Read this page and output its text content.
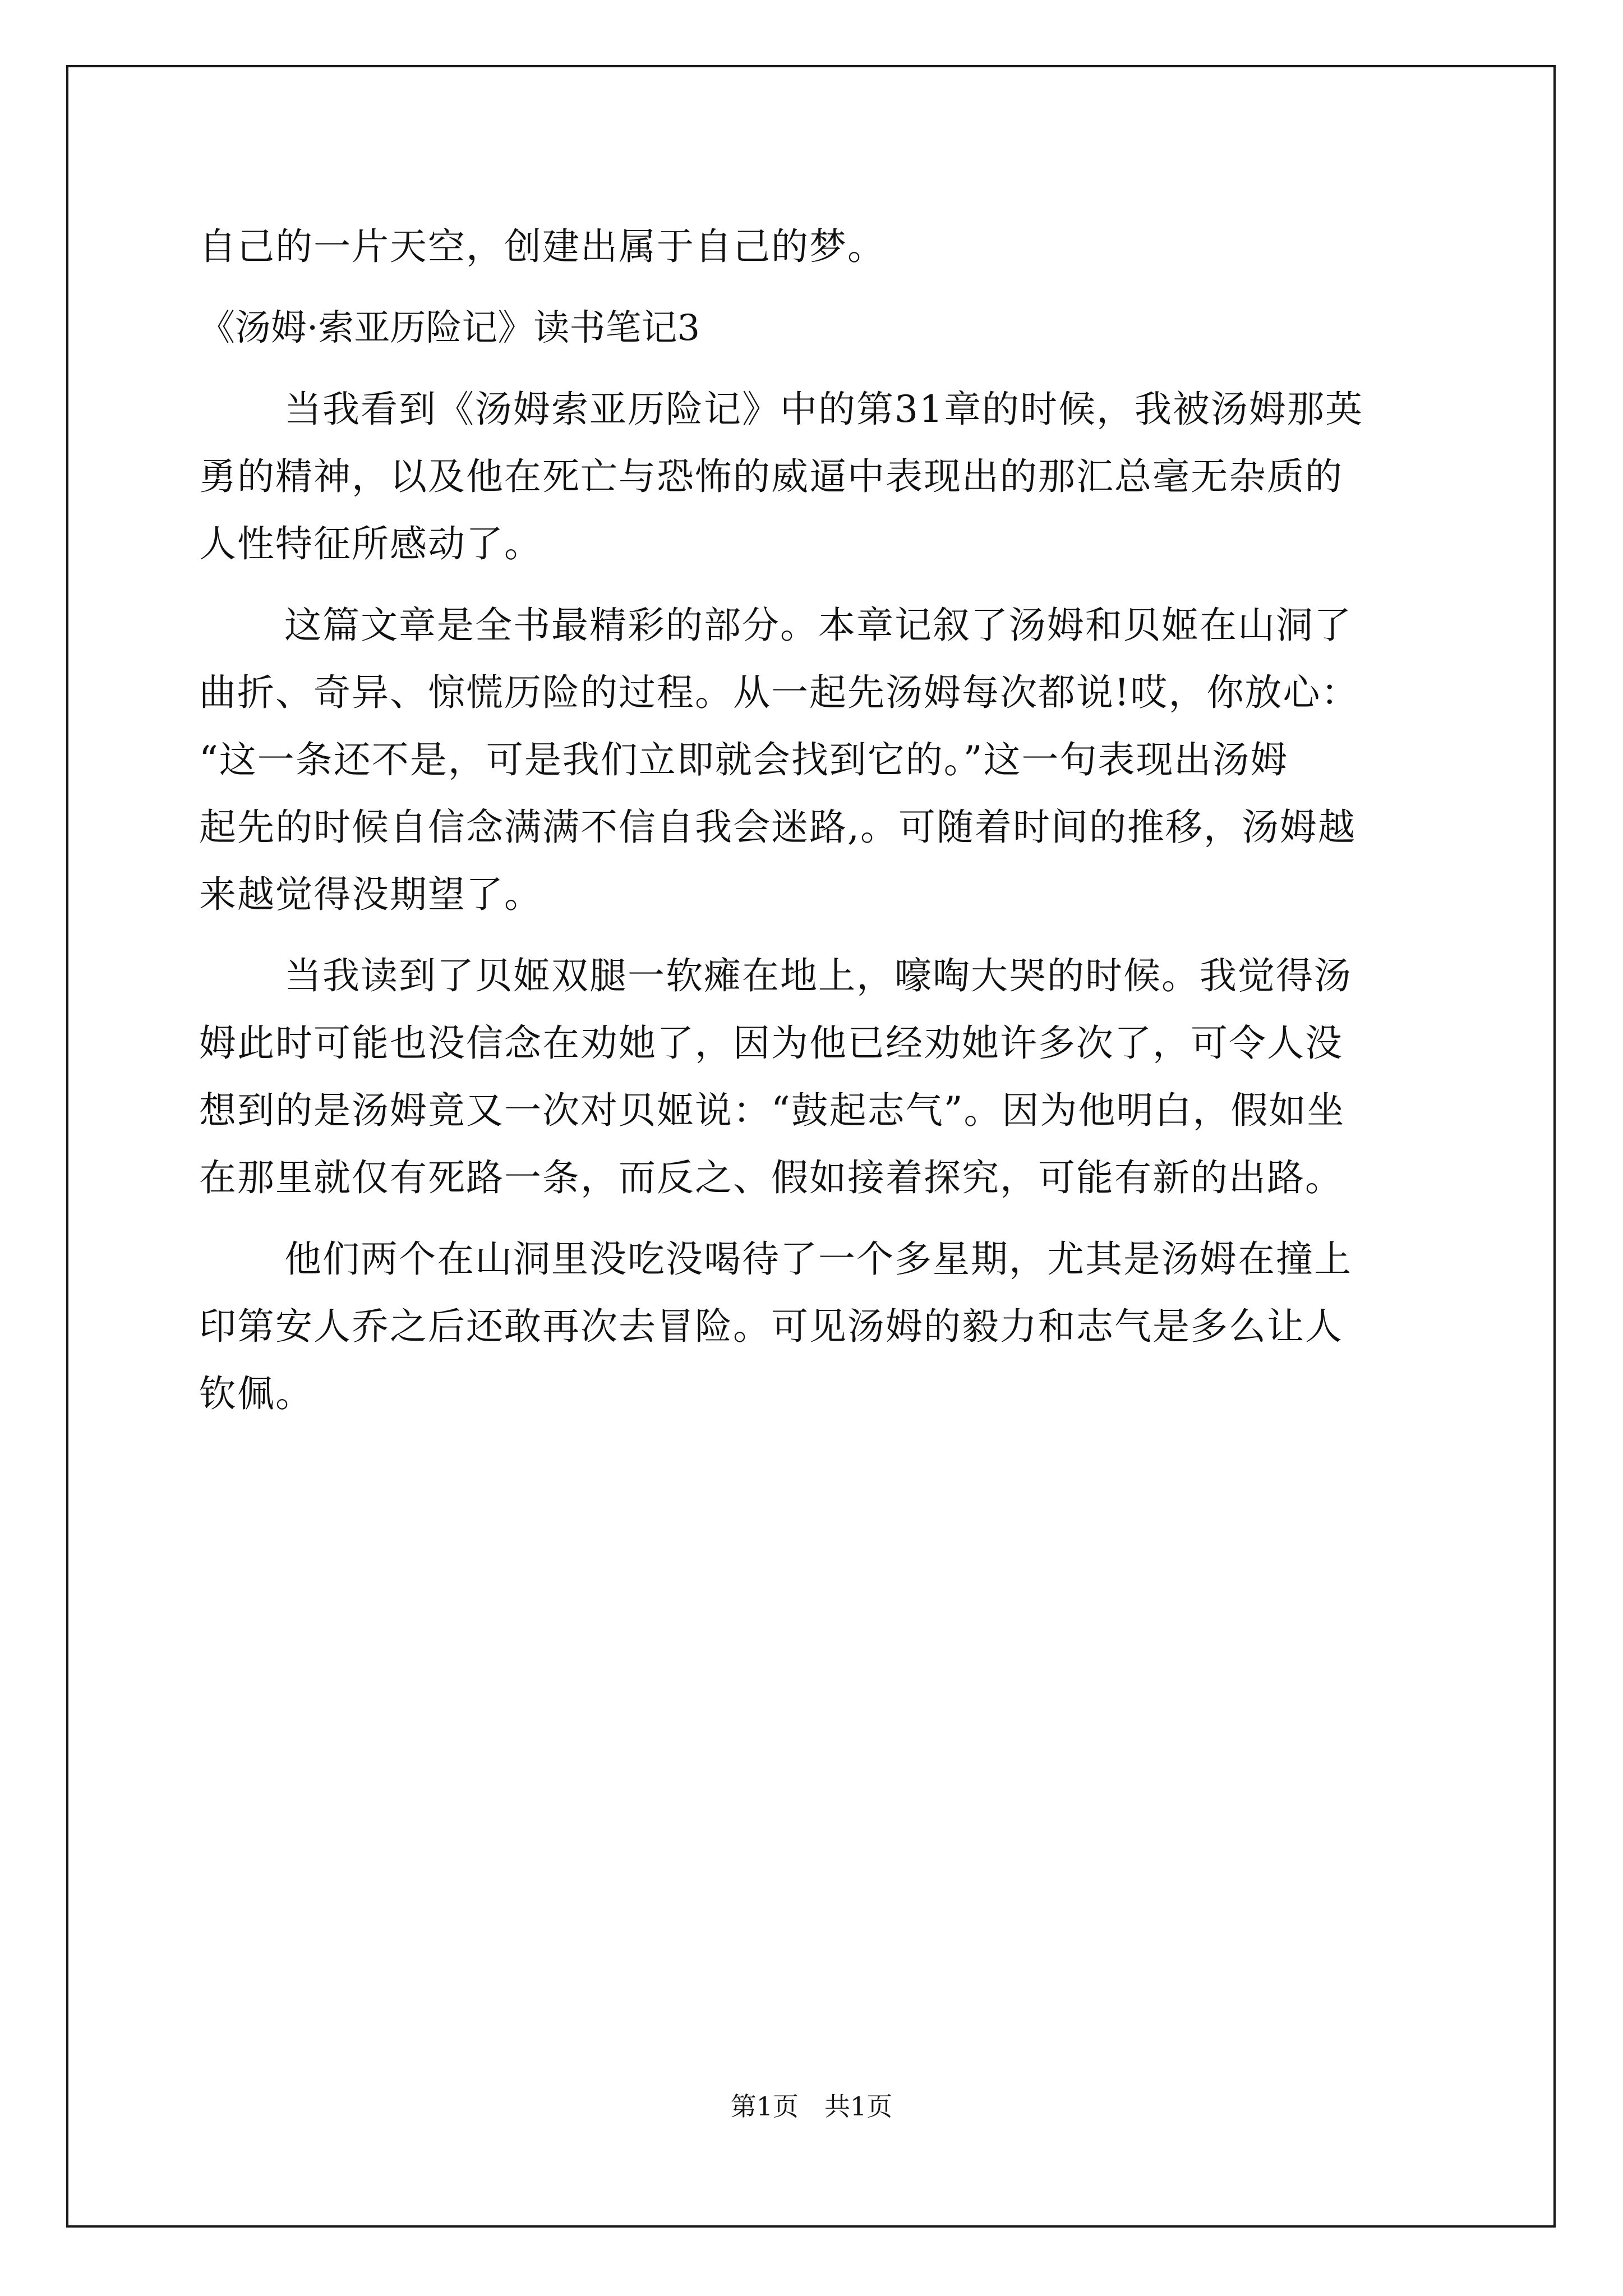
自己的一片天空，创建出属于自己的梦。

《汤姆·索亚历险记》读书笔记3

当我看到《汤姆索亚历险记》中的第31章的时候，我被汤姆那英

勇的精神，以及他在死亡与恐怖的威逼中表现出的那汇总毫无杂质的

人性特征所感动了。

这篇文章是全书最精彩的部分。本章记叙了汤姆和贝姬在山洞了

曲折、奇异、惊慌历险的过程。从一起先汤姆每次都说!哎，你放心：

“这一条还不是，可是我们立即就会找到它的。”这一句表现出汤姆

起先的时候自信念满满不信自我会迷路,。可随着时间的推移，汤姆越

来越觉得没期望了。

当我读到了贝姬双腿一软瘫在地上，嚎啕大哭的时候。我觉得汤

姆此时可能也没信念在劝她了，因为他已经劝她许多次了，可令人没

想到的是汤姆竟又一次对贝姬说：“鼓起志气”。因为他明白，假如坐

在那里就仅有死路一条，而反之、假如接着探究，可能有新的出路。

他们两个在山洞里没吃没喝待了一个多星期，尤其是汤姆在撞上

印第安人乔之后还敢再次去冒险。可见汤姆的毅力和志气是多么让人

钦佩。

第1页　共1页
